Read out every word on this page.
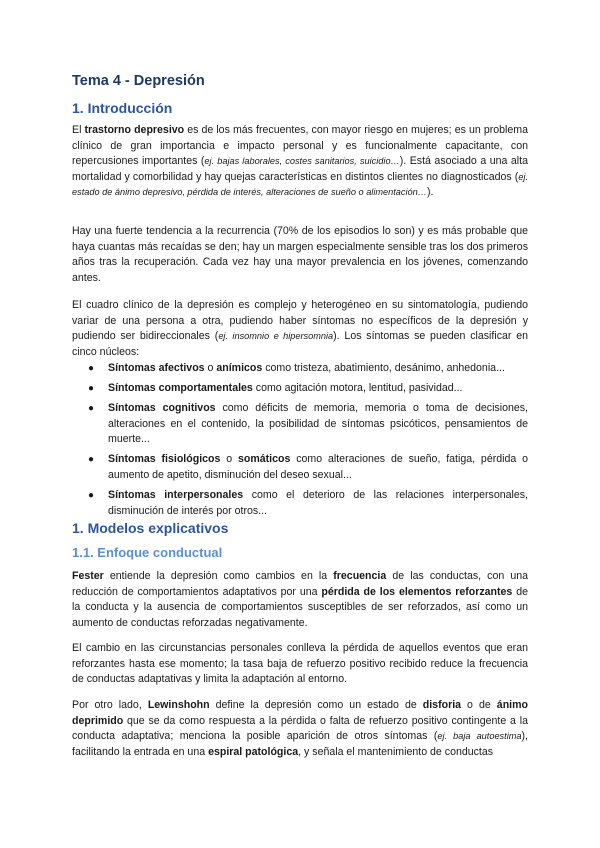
Tema 4 - Depresión
1. Introducción
El trastorno depresivo es de los más frecuentes, con mayor riesgo en mujeres; es un problema clínico de gran importancia e impacto personal y es funcionalmente capacitante, con repercusiones importantes (ej. bajas laborales, costes sanitarios, suicidio…). Está asociado a una alta mortalidad y comorbilidad y hay quejas características en distintos clientes no diagnosticados (ej. estado de ánimo depresivo, pérdida de interés, alteraciones de sueño o alimentación…).
Hay una fuerte tendencia a la recurrencia (70% de los episodios lo son) y es más probable que haya cuantas más recaídas se den; hay un margen especialmente sensible tras los dos primeros años tras la recuperación. Cada vez hay una mayor prevalencia en los jóvenes, comenzando antes.
El cuadro clínico de la depresión es complejo y heterogéneo en su sintomatología, pudiendo variar de una persona a otra, pudiendo haber síntomas no específicos de la depresión y pudiendo ser bidireccionales (ej. insomnio e hipersomnia). Los síntomas se pueden clasificar en cinco núcleos:
● Síntomas afectivos o anímicos como tristeza, abatimiento, desánimo, anhedonia...
● Síntomas comportamentales como agitación motora, lentitud, pasividad...
● Síntomas cognitivos como déficits de memoria, memoria o toma de decisiones, alteraciones en el contenido, la posibilidad de síntomas psicóticos, pensamientos de muerte...
● Síntomas fisiológicos o somáticos como alteraciones de sueño, fatiga, pérdida o aumento de apetito, disminución del deseo sexual...
● Síntomas interpersonales como el deterioro de las relaciones interpersonales, disminución de interés por otros...
1. Modelos explicativos
1.1. Enfoque conductual
Fester entiende la depresión como cambios en la frecuencia de las conductas, con una reducción de comportamientos adaptativos por una pérdida de los elementos reforzantes de la conducta y la ausencia de comportamientos susceptibles de ser reforzados, así como un aumento de conductas reforzadas negativamente.
El cambio en las circunstancias personales conlleva la pérdida de aquellos eventos que eran reforzantes hasta ese momento; la tasa baja de refuerzo positivo recibido reduce la frecuencia de conductas adaptativas y limita la adaptación al entorno.
Por otro lado, Lewinshohn define la depresión como un estado de disforia o de ánimo deprimido que se da como respuesta a la pérdida o falta de refuerzo positivo contingente a la conducta adaptativa; menciona la posible aparición de otros síntomas (ej. baja autoestima), facilitando la entrada en una espiral patológica, y señala el mantenimiento de conductas
